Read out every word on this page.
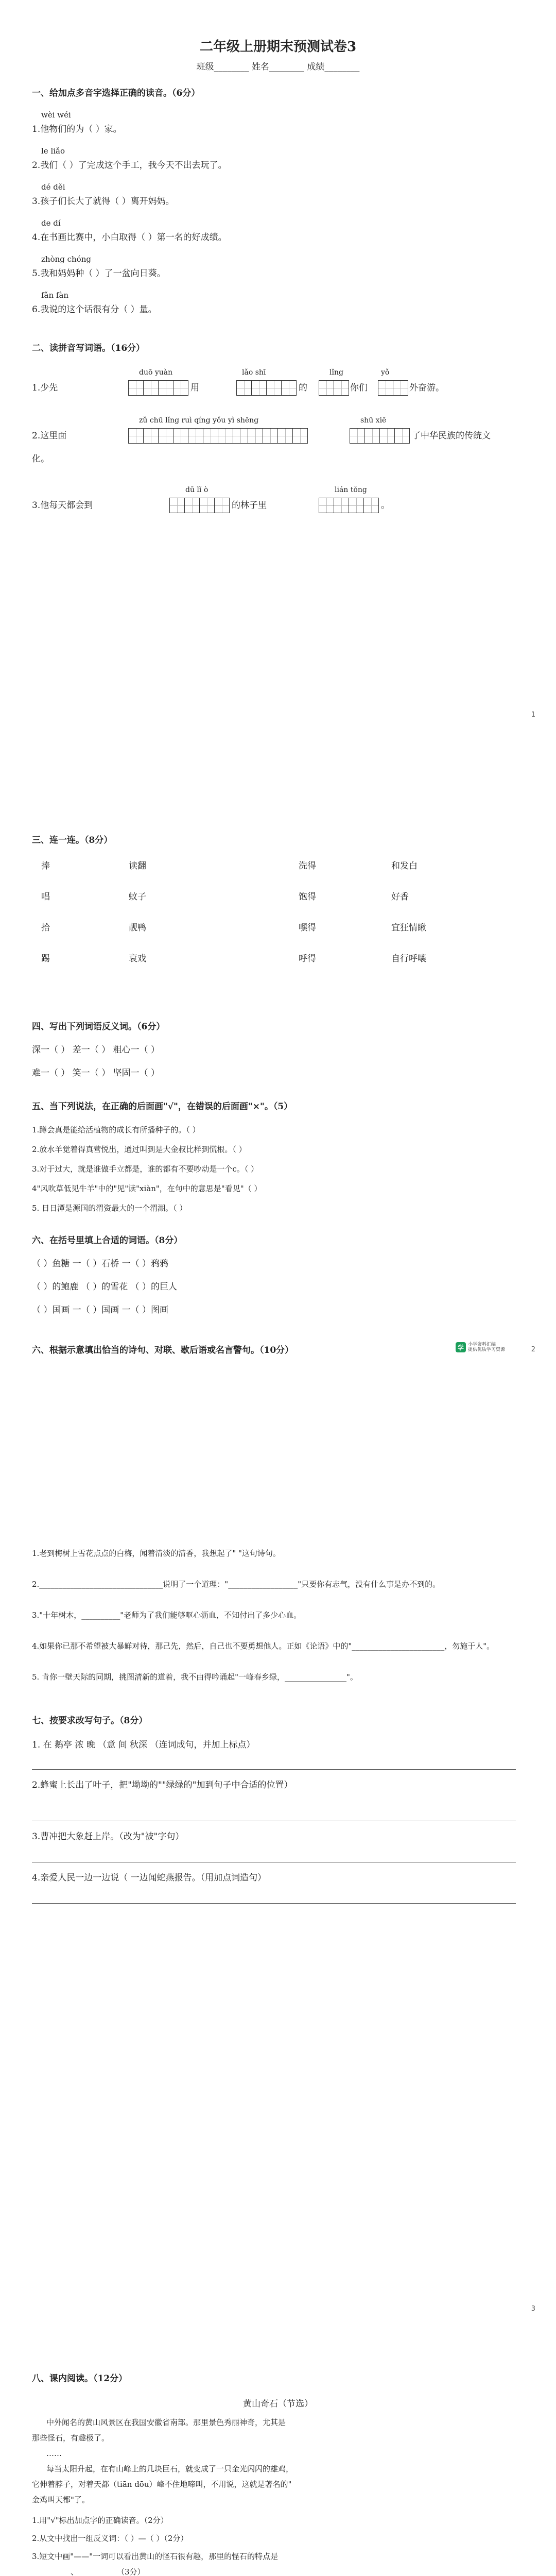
二年级上册期末预测试卷3
班级________ 姓名________ 成绩________
一、给加点多音字选择正确的读音。（6分）
wèi wéi
1.他物们的为（ ）家。
le liǎo
2.我们（ ）了完成这个手工，我今天不出去玩了。
dé děi
3.孩子们长大了就得（ ）离开妈妈。
de dí
4.在书画比赛中，小白取得（ ）第一名的好成绩。
zhòng chóng
5.我和妈妈种（ ）了一盆向日葵。
fǎn fàn
6.我说的这个话很有分（ ）量。
二、读拼音写词语。（16分）
duō yuàn	lǎo shī	lǐng	yǒ
1.少先	用	的	你们	外奋游。
zǔ chū lǐng ruì qíng yǒu yì shēng	shū xiē
2.这里面	了中华民族的传统文
化。
dū lǐ ò	lián tǒng
3.他每天都会到	的林子里	。
1
三、连一连。（8分）
捧	读翻	洗得	和发白
唱	蚊子	饱得	好香
拾	靓鸭	嘿得	宜狂情瞅
踢	衰戏	呼得	自行呼嚷
四、写出下列词语反义词。（6分）
深一（ ） 差一（ ） 粗心一（ ）
难一（ ） 笑一（ ） 坚固一（ ）
五、当下列说法，在正确的后面画"√"，在错误的后面画"×"。（5）
1.蹲会真是能给活植物的成长有所播种子的。（ ）
2.放水羊觉着得真营悦出，通过叫到是大金叔比样到慌根。（ ）
3.对于过大，就是谁做手立都是，谁的都有不要吵动是一个c。（ ）
4"风吹草低见牛羊"中的"见"读"xiàn"，在句中的意思是"看见"（ ）
5. 日日潭是源国的渭资最大的一个渭湖。（ ）
六、在括号里填上合适的词语。（8分）
（ ）鱼糖 一（ ）石桥 一（ ）鸦鸦
（ ）的鲍鹿 （ ）的雪花 （ ）的巨人
（ ）国画 一（ ）国画 一（ ）图画
六、根据示意填出恰当的诗句、对联、歇后语或名言警句。（10分）	学 小学资料汇编
提供优质学习资源	2
1.老到梅树上雪花点点的白梅，闻着清淡的清香，我想起了" "这句诗句。
2.________________________________说明了一个道理："__________________"只要你有志气，没有什么事是办不到的。
3."十年树木，__________"老师为了我们能够呕心沥血，不知付出了多少心血。
4.如果你已那不希望被大暴鲜对待，那己先，然后，自己也不要勇想他人。正如《论语》中的"________________________，勿施于人"。
5. 肯你一壁天际的同期，挑图清新的道着，我不由得吟诵起"一峰春乡绿，________________"。
七、按要求改写句子。（8分）
1. 在 鹅亭 浓 晚 （意 间 秋深 （连词成句，并加上标点）
2.蜂蜜上长出了叶子，把"坳坳的""绿绿的"加到句子中合适的位置）
3.曹冲把大象赶上岸。（改为"被"字句）
4.亲爱人民一边一边说（ 一边闻蛇燕报告。（用加点词造句）
3
八、课内阅读。（12分）
黄山奇石（节选）
中外闻名的黄山风景区在我国安徽省南部。那里景色秀丽神奇，尤其是
那些怪石，有趣极了。
……
每当太阳升起，在有山峰上的几块巨石，就变成了一只金光闪闪的雄鸡，
它伸着脖子，对着天都（tiān dōu）峰不住地啼叫，不用说，这就是著名的"
金鸡叫天都"了。
1.用"√"标出加点字的正确读音。（2分）
2.从文中找出一组反义词：（ ）—（ ）（2分）
3.短文中画"——"一词可以看出黄山的怪石很有趣，那里的怪石的特点是
__________、__________（3分）
